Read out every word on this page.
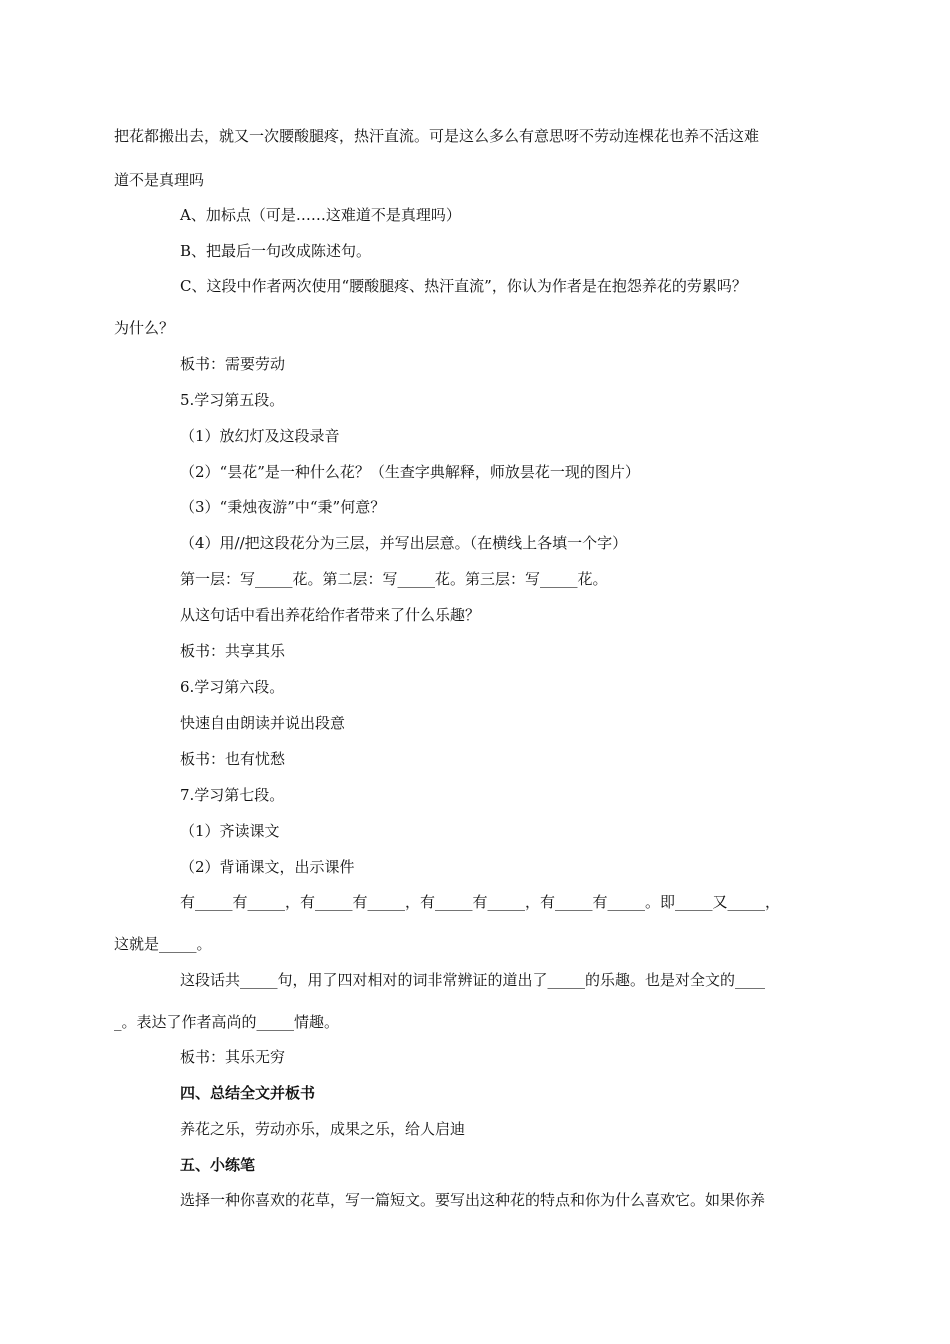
把花都搬出去，就又一次腰酸腿疼，热汗直流。可是这么多么有意思呀不劳动连棵花也养不活这难
道不是真理吗
A、加标点（可是……这难道不是真理吗）
B、把最后一句改成陈述句。
C、这段中作者两次使用“腰酸腿疼、热汗直流”，你认为作者是在抱怨养花的劳累吗？
为什么？
板书：需要劳动
5.学习第五段。
（1）放幻灯及这段录音
（2）“昙花”是一种什么花？（生查字典解释，师放昙花一现的图片）
（3）“秉烛夜游”中“秉”何意？
（4）用//把这段花分为三层，并写出层意。（在横线上各填一个字）
第一层：写_____花。第二层：写_____花。第三层：写_____花。
从这句话中看出养花给作者带来了什么乐趣？
板书：共享其乐
6.学习第六段。
快速自由朗读并说出段意
板书：也有忧愁
7.学习第七段。
（1）齐读课文
（2）背诵课文，出示课件
有_____有_____，有_____有_____，有_____有_____，有_____有_____。即_____又_____，
这就是_____。
这段话共_____句，用了四对相对的词非常辨证的道出了_____的乐趣。也是对全文的____
_。表达了作者高尚的_____情趣。
板书：其乐无穷
四、总结全文并板书
养花之乐，劳动亦乐，成果之乐，给人启迪
五、小练笔
选择一种你喜欢的花草，写一篇短文。要写出这种花的特点和你为什么喜欢它。如果你养
